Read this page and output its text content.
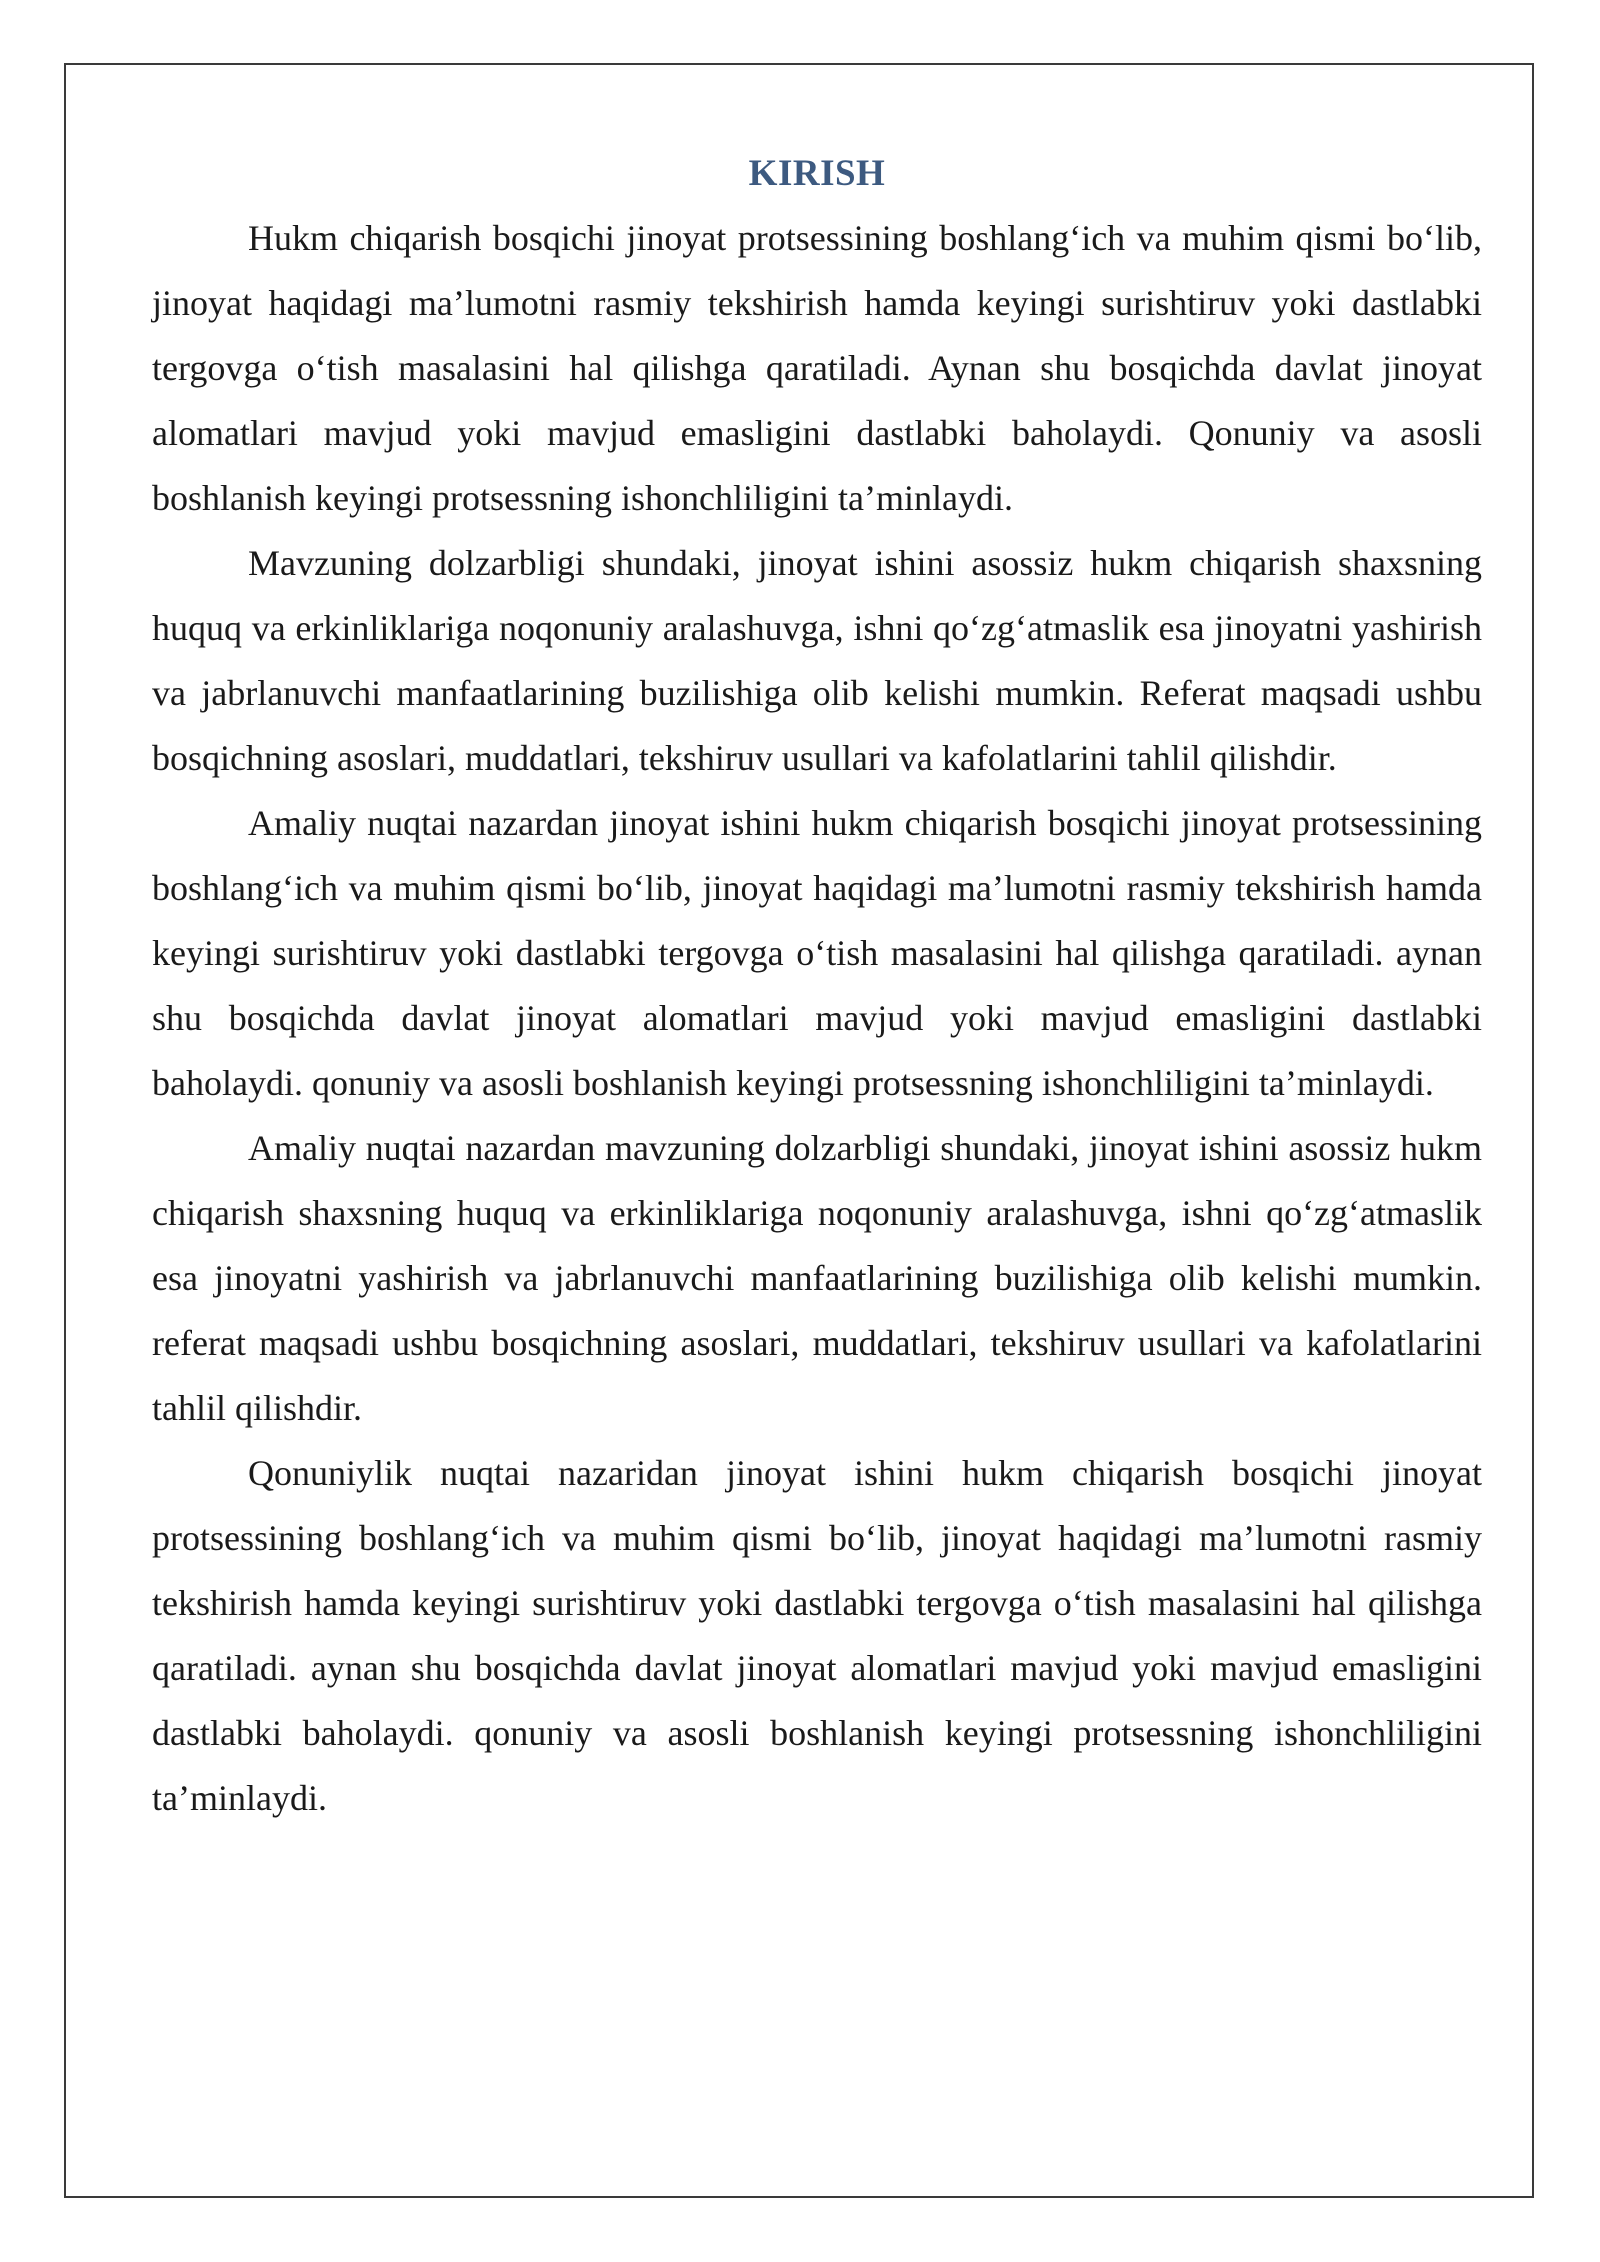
KIRISH

Hukm chiqarish bosqichi jinoyat protsessining boshlang‘ich va muhim qismi bo‘lib, jinoyat haqidagi ma’lumotni rasmiy tekshirish hamda keyingi surishtiruv yoki dastlabki tergovga o‘tish masalasini hal qilishga qaratiladi. Aynan shu bosqichda davlat jinoyat alomatlari mavjud yoki mavjud emasligini dastlabki baholaydi. Qonuniy va asosli boshlanish keyingi protsessning ishonchliligini ta’minlaydi.

Mavzuning dolzarbligi shundaki, jinoyat ishini asossiz hukm chiqarish shaxsning huquq va erkinliklariga noqonuniy aralashuvga, ishni qo‘zg‘atmaslik esa jinoyatni yashirish va jabrlanuvchi manfaatlarining buzilishiga olib kelishi mumkin. Referat maqsadi ushbu bosqichning asoslari, muddatlari, tekshiruv usullari va kafolatlarini tahlil qilishdir.

Amaliy nuqtai nazardan jinoyat ishini hukm chiqarish bosqichi jinoyat protsessining boshlang‘ich va muhim qismi bo‘lib, jinoyat haqidagi ma’lumotni rasmiy tekshirish hamda keyingi surishtiruv yoki dastlabki tergovga o‘tish masalasini hal qilishga qaratiladi. aynan shu bosqichda davlat jinoyat alomatlari mavjud yoki mavjud emasligini dastlabki baholaydi. qonuniy va asosli boshlanish keyingi protsessning ishonchliligini ta’minlaydi.

Amaliy nuqtai nazardan mavzuning dolzarbligi shundaki, jinoyat ishini asossiz hukm chiqarish shaxsning huquq va erkinliklariga noqonuniy aralashuvga, ishni qo‘zg‘atmaslik esa jinoyatni yashirish va jabrlanuvchi manfaatlarining buzilishiga olib kelishi mumkin. referat maqsadi ushbu bosqichning asoslari, muddatlari, tekshiruv usullari va kafolatlarini tahlil qilishdir.

Qonuniylik nuqtai nazaridan jinoyat ishini hukm chiqarish bosqichi jinoyat protsessining boshlang‘ich va muhim qismi bo‘lib, jinoyat haqidagi ma’lumotni rasmiy tekshirish hamda keyingi surishtiruv yoki dastlabki tergovga o‘tish masalasini hal qilishga qaratiladi. aynan shu bosqichda davlat jinoyat alomatlari mavjud yoki mavjud emasligini dastlabki baholaydi. qonuniy va asosli boshlanish keyingi protsessning ishonchliligini ta’minlaydi.
